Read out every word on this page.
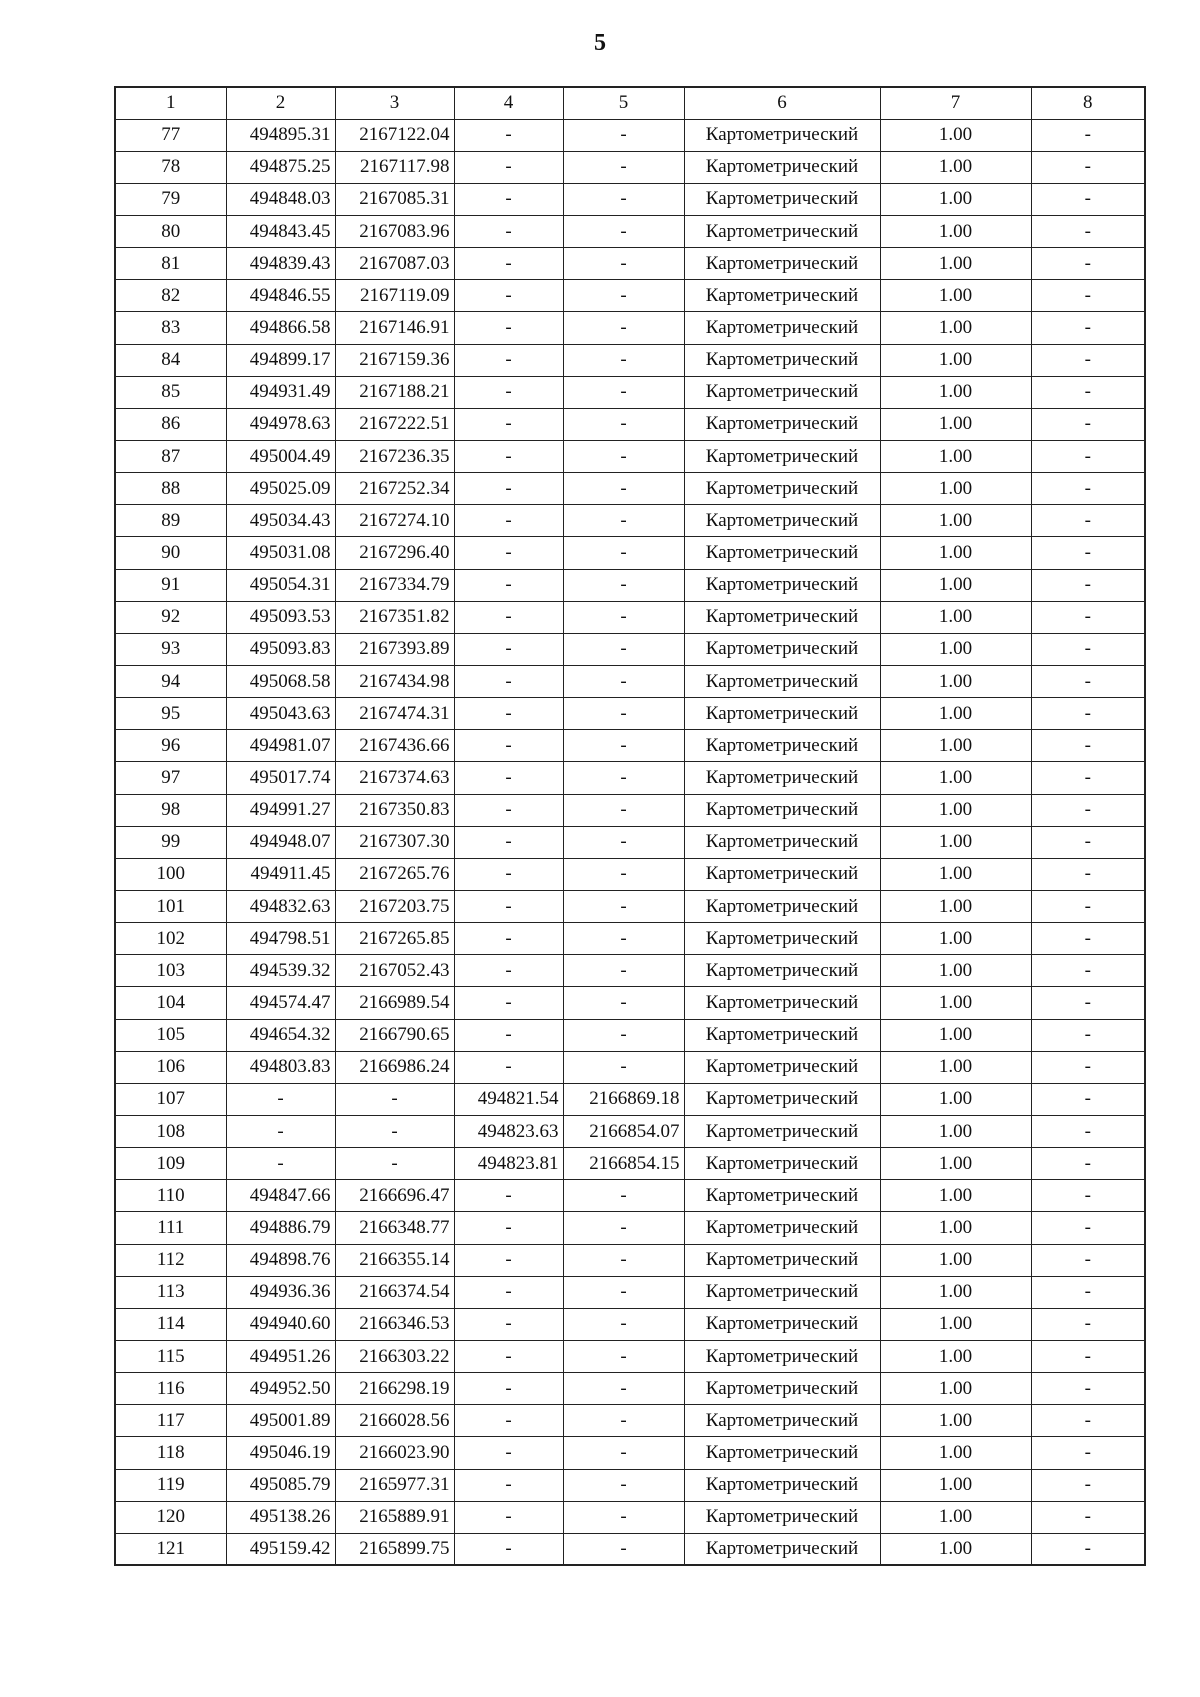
5
1	2	3	4	5	6	7	8
77	494895.31	2167122.04	-	-	Картометрический	1.00	-
78	494875.25	2167117.98	-	-	Картометрический	1.00	-
79	494848.03	2167085.31	-	-	Картометрический	1.00	-
80	494843.45	2167083.96	-	-	Картометрический	1.00	-
81	494839.43	2167087.03	-	-	Картометрический	1.00	-
82	494846.55	2167119.09	-	-	Картометрический	1.00	-
83	494866.58	2167146.91	-	-	Картометрический	1.00	-
84	494899.17	2167159.36	-	-	Картометрический	1.00	-
85	494931.49	2167188.21	-	-	Картометрический	1.00	-
86	494978.63	2167222.51	-	-	Картометрический	1.00	-
87	495004.49	2167236.35	-	-	Картометрический	1.00	-
88	495025.09	2167252.34	-	-	Картометрический	1.00	-
89	495034.43	2167274.10	-	-	Картометрический	1.00	-
90	495031.08	2167296.40	-	-	Картометрический	1.00	-
91	495054.31	2167334.79	-	-	Картометрический	1.00	-
92	495093.53	2167351.82	-	-	Картометрический	1.00	-
93	495093.83	2167393.89	-	-	Картометрический	1.00	-
94	495068.58	2167434.98	-	-	Картометрический	1.00	-
95	495043.63	2167474.31	-	-	Картометрический	1.00	-
96	494981.07	2167436.66	-	-	Картометрический	1.00	-
97	495017.74	2167374.63	-	-	Картометрический	1.00	-
98	494991.27	2167350.83	-	-	Картометрический	1.00	-
99	494948.07	2167307.30	-	-	Картометрический	1.00	-
100	494911.45	2167265.76	-	-	Картометрический	1.00	-
101	494832.63	2167203.75	-	-	Картометрический	1.00	-
102	494798.51	2167265.85	-	-	Картометрический	1.00	-
103	494539.32	2167052.43	-	-	Картометрический	1.00	-
104	494574.47	2166989.54	-	-	Картометрический	1.00	-
105	494654.32	2166790.65	-	-	Картометрический	1.00	-
106	494803.83	2166986.24	-	-	Картометрический	1.00	-
107	-	-	494821.54	2166869.18	Картометрический	1.00	-
108	-	-	494823.63	2166854.07	Картометрический	1.00	-
109	-	-	494823.81	2166854.15	Картометрический	1.00	-
110	494847.66	2166696.47	-	-	Картометрический	1.00	-
111	494886.79	2166348.77	-	-	Картометрический	1.00	-
112	494898.76	2166355.14	-	-	Картометрический	1.00	-
113	494936.36	2166374.54	-	-	Картометрический	1.00	-
114	494940.60	2166346.53	-	-	Картометрический	1.00	-
115	494951.26	2166303.22	-	-	Картометрический	1.00	-
116	494952.50	2166298.19	-	-	Картометрический	1.00	-
117	495001.89	2166028.56	-	-	Картометрический	1.00	-
118	495046.19	2166023.90	-	-	Картометрический	1.00	-
119	495085.79	2165977.31	-	-	Картометрический	1.00	-
120	495138.26	2165889.91	-	-	Картометрический	1.00	-
121	495159.42	2165899.75	-	-	Картометрический	1.00	-
